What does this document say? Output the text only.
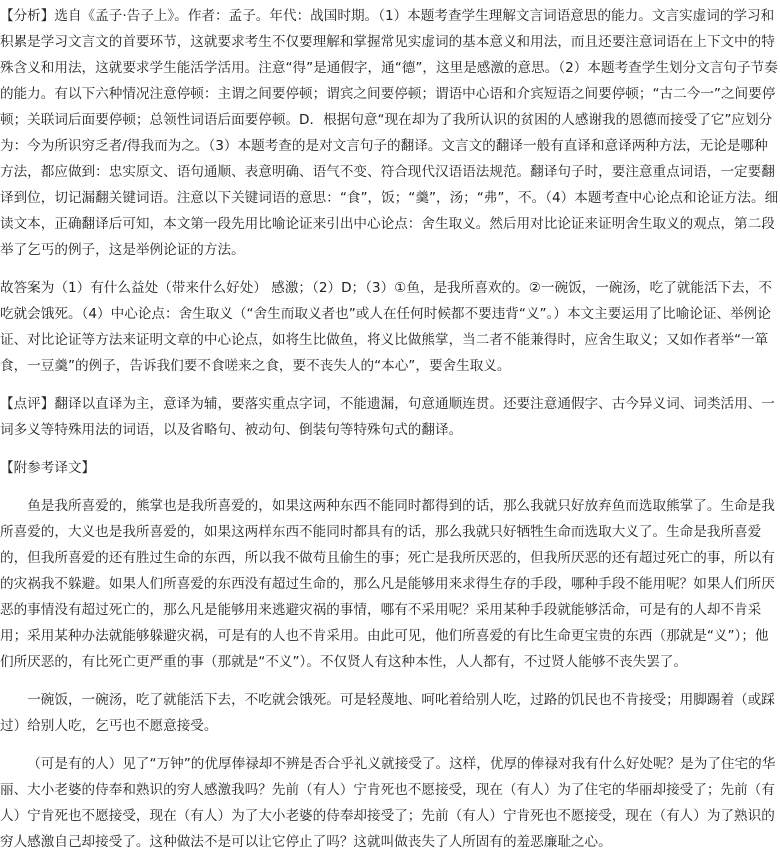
【分析】选自《孟子·告子上》。作者：孟子。年代：战国时期。（1）本题考查学生理解文言词语意思的能力。文言实虚词的学习和积累是学习文言文的首要环节，这就要求考生不仅要理解和掌握常见实虚词的基本意义和用法，而且还要注意词语在上下文中的特殊含义和用法，这就要求学生能活学活用。注意“得”是通假字，通“德”，这里是感激的意思。（2）本题考查学生划分文言句子节奏的能力。有以下六种情况注意停顿：主谓之间要停顿；谓宾之间要停顿；谓语中心语和介宾短语之间要停顿；“古二今一”之间要停顿；关联词后面要停顿；总领性词语后面要停顿。D．根据句意“现在却为了我所认识的贫困的人感谢我的恩德而接受了它”应划分为：今为所识穷乏者/得我而为之。（3）本题考查的是对文言句子的翻译。文言文的翻译一般有直译和意译两种方法，无论是哪种方法，都应做到：忠实原文、语句通顺、表意明确、语气不变、符合现代汉语语法规范。翻译句子时，要注意重点词语，一定要翻译到位，切记漏翻关键词语。注意以下关键词语的意思：“食”，饭；“羹”，汤；“弗”，不。（4）本题考查中心论点和论证方法。细读文本，正确翻译后可知，本文第一段先用比喻论证来引出中心论点：舍生取义。然后用对比论证来证明舍生取义的观点，第二段举了乞丐的例子，这是举例论证的方法。

故答案为（1）有什么益处（带来什么好处） 感激；（2）D；（3）①鱼，是我所喜欢的。②一碗饭，一碗汤，吃了就能活下去，不吃就会饿死。（4）中心论点：舍生取义（“舍生而取义者也”或人在任何时候都不要违背“义”。）本文主要运用了比喻论证、举例论证、对比论证等方法来证明文章的中心论点，如将生比做鱼，将义比做熊掌，当二者不能兼得时，应舍生取义；又如作者举“一箪食，一豆羹”的例子，告诉我们要不食嗟来之食，要不丧失人的“本心”，要舍生取义。

【点评】翻译以直译为主，意译为辅，要落实重点字词，不能遗漏，句意通顺连贯。还要注意通假字、古今异义词、词类活用、一词多义等特殊用法的词语，以及省略句、被动句、倒装句等特殊句式的翻译。

【附参考译文】

鱼是我所喜爱的，熊掌也是我所喜爱的，如果这两种东西不能同时都得到的话，那么我就只好放弃鱼而选取熊掌了。生命是我所喜爱的，大义也是我所喜爱的，如果这两样东西不能同时都具有的话，那么我就只好牺牲生命而选取大义了。生命是我所喜爱的，但我所喜爱的还有胜过生命的东西，所以我不做苟且偷生的事；死亡是我所厌恶的，但我所厌恶的还有超过死亡的事，所以有的灾祸我不躲避。如果人们所喜爱的东西没有超过生命的，那么凡是能够用来求得生存的手段，哪种手段不能用呢？如果人们所厌恶的事情没有超过死亡的，那么凡是能够用来逃避灾祸的事情，哪有不采用呢？采用某种手段就能够活命，可是有的人却不肯采用；采用某种办法就能够躲避灾祸，可是有的人也不肯采用。由此可见，他们所喜爱的有比生命更宝贵的东西（那就是“义”）；他们所厌恶的，有比死亡更严重的事（那就是“不义”）。不仅贤人有这种本性，人人都有，不过贤人能够不丧失罢了。

一碗饭，一碗汤，吃了就能活下去，不吃就会饿死。可是轻蔑地、呵叱着给别人吃，过路的饥民也不肯接受；用脚踢着（或踩过）给别人吃，乞丐也不愿意接受。

（可是有的人）见了“万钟”的优厚俸禄却不辨是否合乎礼义就接受了。这样，优厚的俸禄对我有什么好处呢？是为了住宅的华丽、大小老婆的侍奉和熟识的穷人感激我吗？先前（有人）宁肯死也不愿接受，现在（有人）为了住宅的华丽却接受了；先前（有人）宁肯死也不愿接受，现在（有人）为了大小老婆的侍奉却接受了；先前（有人）宁肯死也不愿接受，现在（有人）为了熟识的穷人感激自己却接受了。这种做法不是可以让它停止了吗？这就叫做丧失了人所固有的羞恶廉耻之心。
